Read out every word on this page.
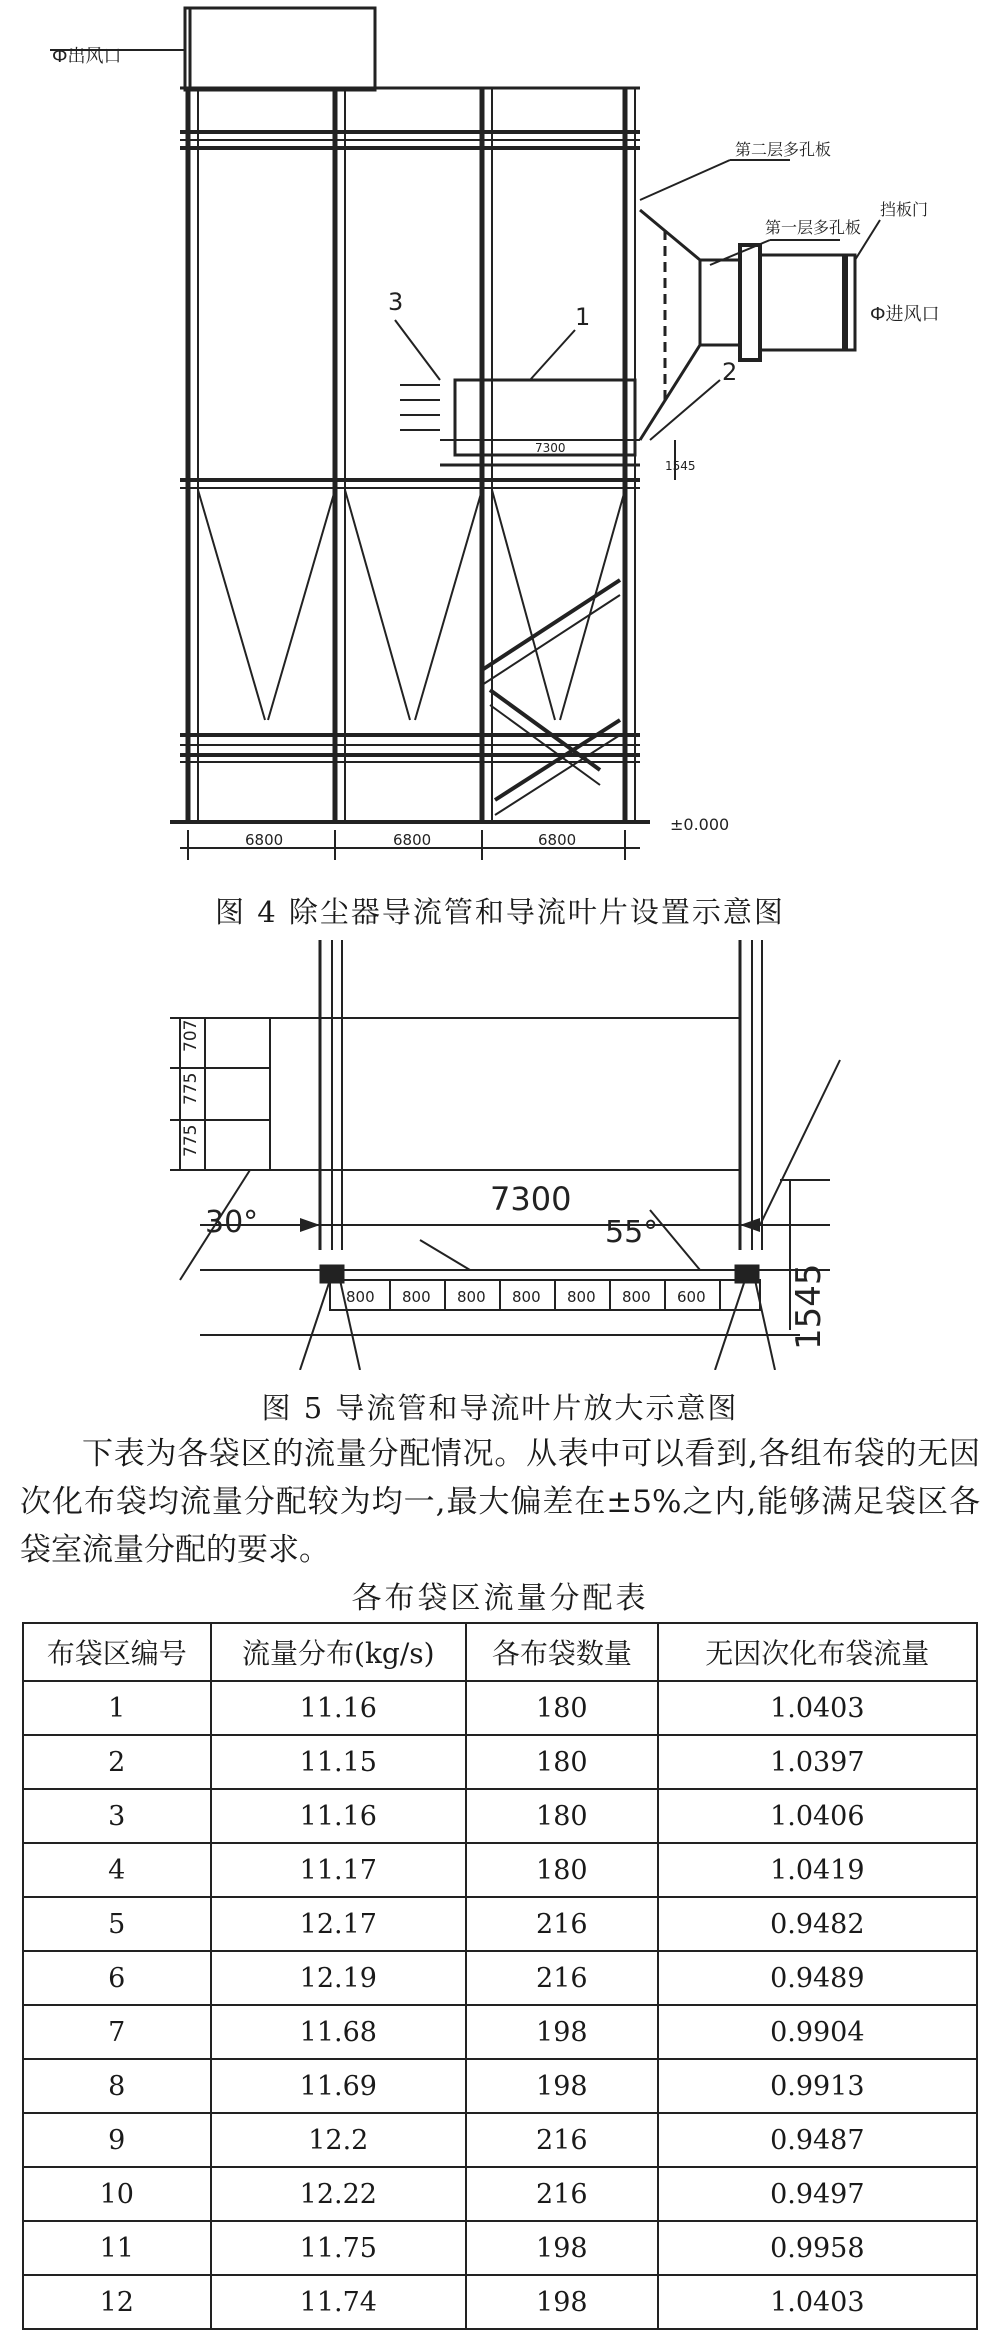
Ф出风口
第二层多孔板
第一层多孔板
挡板门
Ф进风口
1
2
3
±0.000
6800	6800	6800
7300
1545
图 4 除尘器导流管和导流叶片设置示意图
707
775
775
7300
30°	55°
1545
800 800 800 800 800 800 600
图 5 导流管和导流叶片放大示意图
下表为各袋区的流量分配情况。从表中可以看到,各组布袋的无因次化布袋均流量分配较为均一,最大偏差在±5%之内,能够满足袋区各袋室流量分配的要求。
各布袋区流量分配表
布袋区编号	流量分布(kg/s)	各布袋数量	无因次化布袋流量
1	11.16	180	1.0403
2	11.15	180	1.0397
3	11.16	180	1.0406
4	11.17	180	1.0419
5	12.17	216	0.9482
6	12.19	216	0.9489
7	11.68	198	0.9904
8	11.69	198	0.9913
9	12.2	216	0.9487
10	12.22	216	0.9497
11	11.75	198	0.9958
12	11.74	198	1.0403
